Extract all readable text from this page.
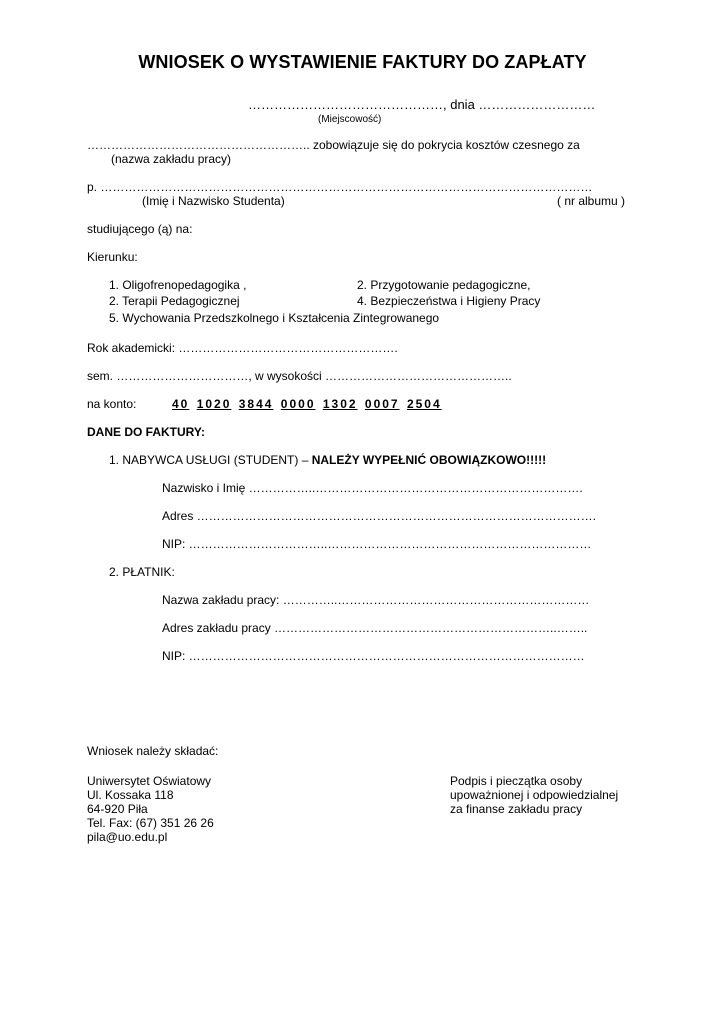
WNIOSEK O WYSTAWIENIE FAKTURY DO ZAPŁATY
………………………………………, dnia ………………………
(Miejscowość)
……………………………………………….. zobowiązuje się do pokrycia kosztów czesnego za
(nazwa zakładu pracy)
p. ……………………………………………………………………………………………………………
(Imię i Nazwisko Studenta)	( nr albumu )
studiującego (ą) na:
Kierunku:
1. Oligofrenopedagogika ,	2. Przygotowanie pedagogiczne,
2. Terapii Pedagogicznej	4. Bezpieczeństwa i Higieny Pracy
5. Wychowania Przedszkolnego i Kształcenia Zintegrowanego
Rok akademicki: ……………………………………………….
sem. ……………………………, w wysokości ………………………………………..
na konto:	40 1020 3844 0000 1302 0007 2504
DANE DO FAKTURY:
1. NABYWCA USŁUGI (STUDENT) – NALEŻY WYPEŁNIĆ OBOWIĄZKOWO!!!!!
Nazwisko i Imię ……………..………………………………………………………….
Adres ……………………………………………………………………………………….
NIP: ……………………………..…………………………………………………………
2. PŁATNIK:
Nazwa zakładu pracy: …………..………………………………………………………
Adres zakładu pracy ……………………………………………………………..……..
NIP: ………………………………………………………………………………………
Wniosek należy składać:
Uniwersytet Oświatowy
Ul. Kossaka 118
64-920 Piła
Tel. Fax: (67) 351 26 26
pila@uo.edu.pl
Podpis i pieczątka osoby
upoważnionej i odpowiedzialnej
za finanse zakładu pracy
